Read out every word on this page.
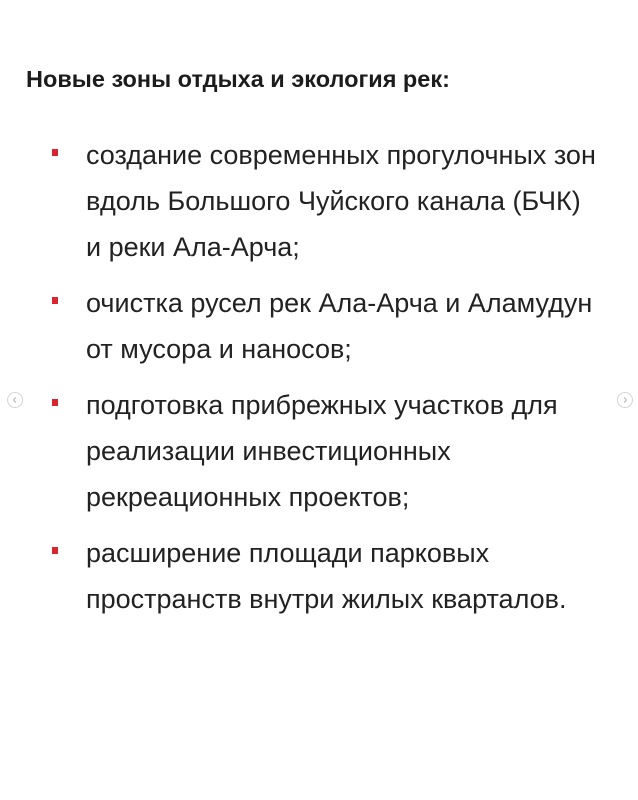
Новые зоны отдыха и экология рек:
создание современных прогулочных зон вдоль Большого Чуйского канала (БЧК) и реки Ала-Арча;
очистка русел рек Ала-Арча и Аламудун от мусора и наносов;
подготовка прибрежных участков для реализации инвестиционных рекреационных проектов;
расширение площади парковых пространств внутри жилых кварталов.
